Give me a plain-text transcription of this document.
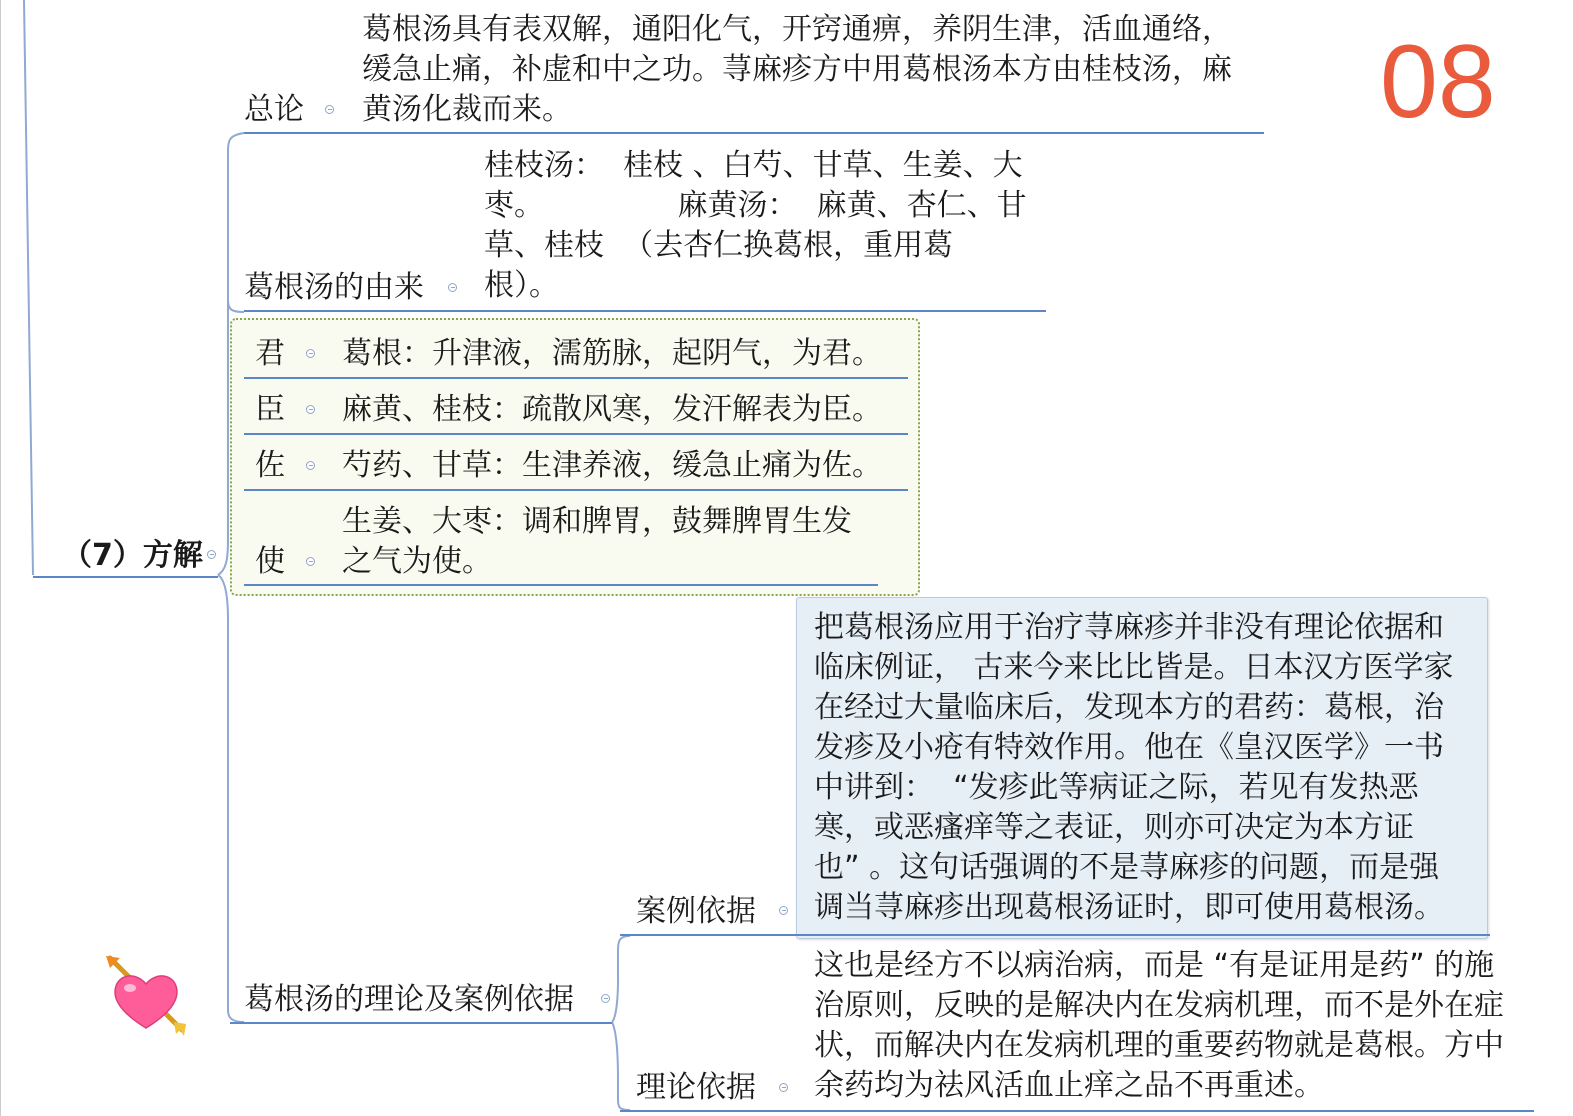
08
（7）方解
总论
葛根汤具有表双解，通阳化气，开窍通痹，养阴生津，活血通络，
缓急止痛，补虚和中之功。荨麻疹方中用葛根汤本方由桂枝汤，麻
黄汤化裁而来。
葛根汤的由来
桂枝汤：  桂枝 、白芍、甘草、生姜、大
枣。              麻黄汤：  麻黄、杏仁、甘
草、桂枝  （去杏仁换葛根，重用葛
根）。
君 葛根：升津液，濡筋脉，起阴气，为君。
臣 麻黄、桂枝：疏散风寒，发汗解表为臣。
佐 芍药、甘草：生津养液，缓急止痛为佐。
使
生姜、大枣：调和脾胃，鼓舞脾胃生发
之气为使。
葛根汤的理论及案例依据
把葛根汤应用于治疗荨麻疹并非没有理论依据和
临床例证， 古来今来比比皆是。日本汉方医学家
在经过大量临床后，发现本方的君药：葛根，治
发疹及小疮有特效作用。他在《皇汉医学》一书
中讲到：  “发疹此等病证之际，若见有发热恶
寒，或恶瘙痒等之表证，则亦可决定为本方证
也” 。这句话强调的不是荨麻疹的问题，而是强
调当荨麻疹出现葛根汤证时，即可使用葛根汤。
案例依据
这也是经方不以病治病，而是 “有是证用是药” 的施
治原则，反映的是解决内在发病机理，而不是外在症
状，而解决内在发病机理的重要药物就是葛根。方中
余药均为祛风活血止痒之品不再重述。
理论依据
